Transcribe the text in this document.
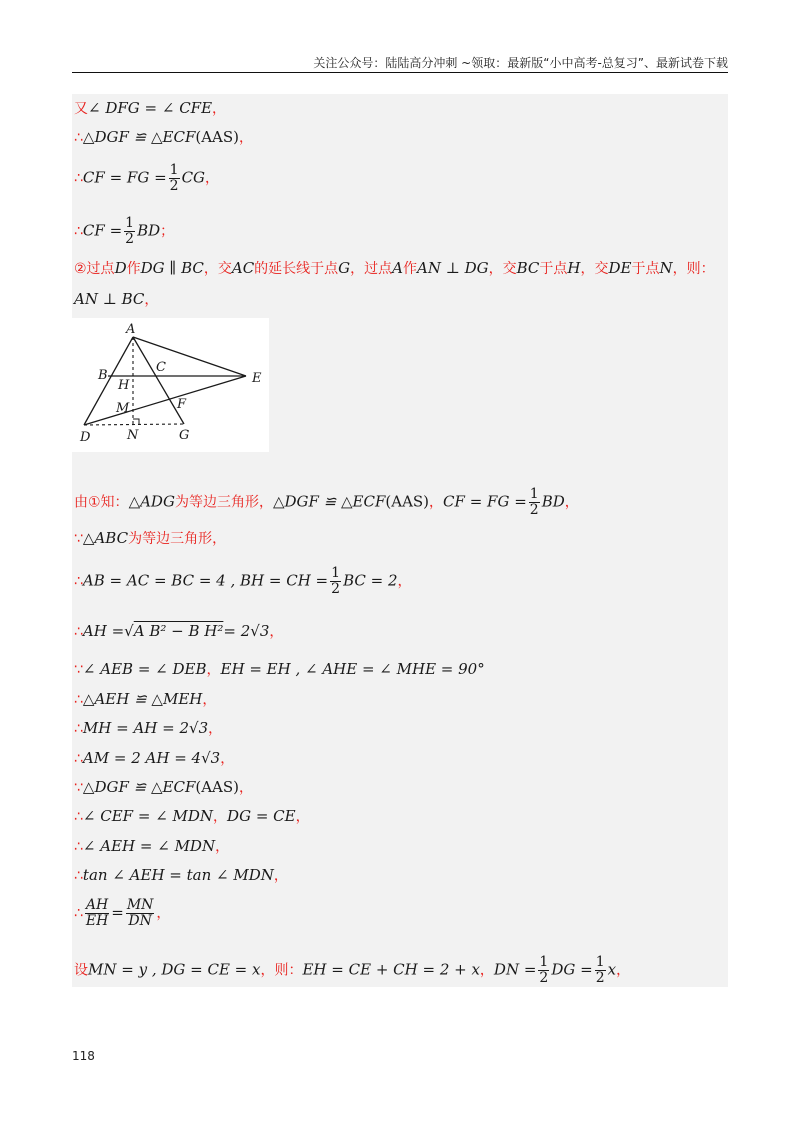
关注公众号：陆陆高分冲刺 ~领取：最新版“小中高考-总复习”、最新试卷下载
又∠ DFG = ∠ CFE，
∴△DGF ≌ △ECF(AAS)，
∴CF = FG = $\frac{1}{2}$ CG，
∴CF = $\frac{1}{2}$ BD；
②过点D作DG ∥ BC，交AC的延长线于点G，过点A作AN ⊥ DG，交BC于点H，交DE于点N，则：
AN ⊥ BC，
A
B
C
E
H
M	F
D	N	G
由①知：△ADG为等边三角形，△DGF ≌ △ECF(AAS)，CF = FG = $\frac{1}{2}$ BD，
∵△ABC为等边三角形，
∴AB = AC = BC = 4 , BH = CH = $\frac{1}{2}$ BC = 2，
∴AH =√A B² − B H²= 2√3，
∵∠ AEB = ∠ DEB，EH = EH , ∠ AHE = ∠ MHE = 90°
∴△AEH ≌ △MEH，
∴MH = AH = 2√3，
∴AM = 2 AH = 4√3，
∵△DGF ≌ △ECF(AAS)，
∴∠ CEF = ∠ MDN，DG = CE，
∴∠ AEH = ∠ MDN，
∴tan ∠ AEH = tan ∠ MDN，
∴ $\frac{AH}{EH} = \frac{MN}{DN}$ ，
设MN = y , DG = CE = x，则：EH = CE + CH = 2 + x，DN = $\frac{1}{2}$ DG = $\frac{1}{2}$ x，
118
